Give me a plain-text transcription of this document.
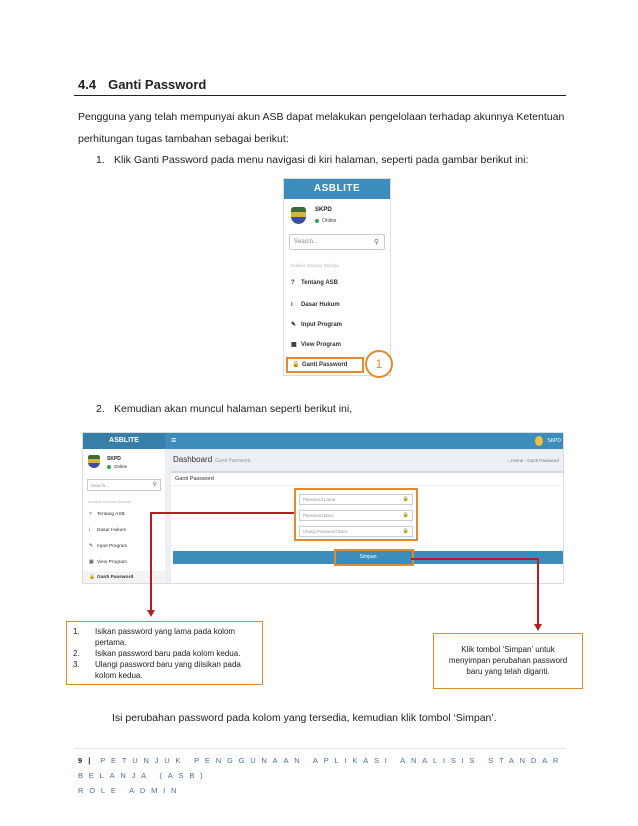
4.4 Ganti Password
Pengguna yang telah mempunyai akun ASB dapat melakukan pengelolaan terhadap akunnya Ketentuan
perhitungan tugas tambahan sebagai berikut:
1. Klik Ganti Password pada menu navigasi di kiri halaman, seperti pada gambar berikut ini:
ASBLITE
SKPD
Online
Search...	⚲
Analisis Standar Belanja
? Tentang ASB
i Dasar Hukum
✎ Input Program
▦ View Program
🔒 Ganti Password	1
2. Kemudian akan muncul halaman seperti berikut ini,
ASBLITE	≡	SKPD
SKPD
Online
Search...	⚲
Analisis Standar Belanja
? Tentang ASB
i Dasar Hukum
✎ Input Program
▦ View Program
🔒 Ganti Password
Dashboard Ganti Password	⌂ Home › Ganti Password
Ganti Password
Password Lama	🔒
Password Baru	🔒
Ulangi Password Baru	🔒
Simpan
1. Isikan password yang lama pada kolom pertama.
2. Isikan password baru pada kolom kedua.
3. Ulangi password baru yang diisikan pada kolom kedua.
Klik tombol ‘Simpan’ untuk menyimpan perubahan password baru yang telah diganti.
Isi perubahan password pada kolom yang tersedia, kemudian klik tombol ‘Simpan’.
9 | PETUNJUK PENGGUNAAN APLIKASI ANALISIS STANDAR BELANJA (ASB)
ROLE ADMIN
